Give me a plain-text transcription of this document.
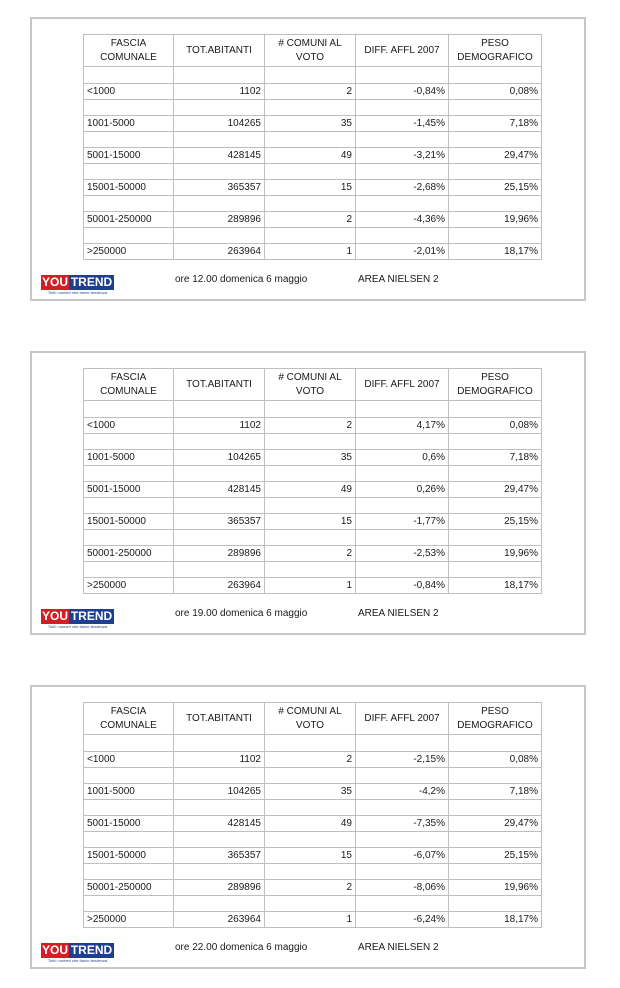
FASCIA COMUNALE	TOT.ABITANTI	# COMUNI AL VOTO	DIFF. AFFL 2007	PESO DEMOGRAFICO

<1000	1102	2	-0,84%	0,08%

1001-5000	104265	35	-1,45%	7,18%

5001-15000	428145	49	-3,21%	29,47%

15001-50000	365357	15	-2,68%	25,15%

50001-250000	289896	2	-4,36%	19,96%

>250000	263964	1	-2,01%	18,17%
YOU TREND
Tutti i numeri che fanno tendenza
ore 12.00 domenica 6 maggio	AREA NIELSEN 2
FASCIA COMUNALE	TOT.ABITANTI	# COMUNI AL VOTO	DIFF. AFFL 2007	PESO DEMOGRAFICO

<1000	1102	2	4,17%	0,08%

1001-5000	104265	35	0,6%	7,18%

5001-15000	428145	49	0,26%	29,47%

15001-50000	365357	15	-1,77%	25,15%

50001-250000	289896	2	-2,53%	19,96%

>250000	263964	1	-0,84%	18,17%
YOU TREND
Tutti i numeri che fanno tendenza
ore 19.00 domenica 6 maggio	AREA NIELSEN 2
FASCIA COMUNALE	TOT.ABITANTI	# COMUNI AL VOTO	DIFF. AFFL 2007	PESO DEMOGRAFICO

<1000	1102	2	-2,15%	0,08%

1001-5000	104265	35	-4,2%	7,18%

5001-15000	428145	49	-7,35%	29,47%

15001-50000	365357	15	-6,07%	25,15%

50001-250000	289896	2	-8,06%	19,96%

>250000	263964	1	-6,24%	18,17%
YOU TREND
Tutti i numeri che fanno tendenza
ore 22.00 domenica 6 maggio	AREA NIELSEN 2
